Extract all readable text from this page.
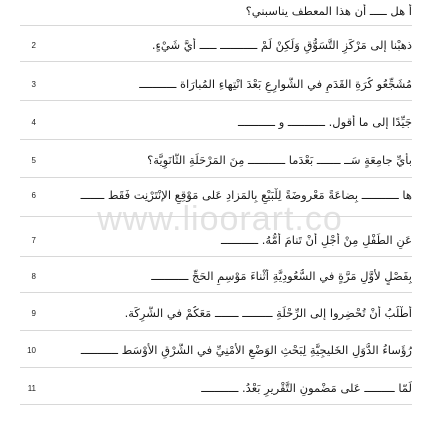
www.lioorart.co
أ هل ـــــ أن هذا المعطف يناسبني؟
2	ذهبْنا إلى مَرْكَزِ التَّسَوُّقِ وَلَكِنْ لَمْ ـــــــــــ ـــــ أيَّ شَيْءٍ.
3	مُشَجِّعُو كُرَةِ القَدَمِ في الشَّوارِعِ بَعْدَ انْتِهاءِ المُبارَاة ـــــــــــ
4	جَيِّدًا إلى ما أقول. ـــــــــــ و ـــــــــــ
5	بأيِّ جامِعَةٍ سَــ ـــــــ بَعْدَما ـــــــــــ مِنَ المَرْحَلَةِ الثَّانَوِيَّة؟
6	ها ـــــــــــ بِضاعَةً مَعْروضَةً لِلْبَيْعِ بِالمَزادِ عَلى مَوْقِعِ الإنْتَرْنِت فَقَط ـــــــ
7	عَنِ الطِّفْلِ مِنْ أَجْلِ أَنْ تَنامَ أُمُّهُ. ـــــــــــ
8	بِفَصْلٍ لأوَّلِ مَرَّةٍ في السُّعُودِيَّةِ أَثْناءَ مَوْسِمِ الحَجِّ ـــــــــــ
9	أَطْلُبُ أنْ تُحْضِروا إلى الرِّحْلَةِ ـــــــــ ـــــــ مَعَكُمْ في الشَّرِكَة.
10	رُؤَساءُ الدُّوَلِ الخَليجِيَّةِ لِبَحْثِ الوَضْعِ الأَمْنِيِّ في الشَّرْقِ الأَوْسَط ـــــــــــ
11	لَمّا ـــــــــ عَلى مَضْمونِ التَّقْريرِ بَعْدُ. ـــــــــــ
